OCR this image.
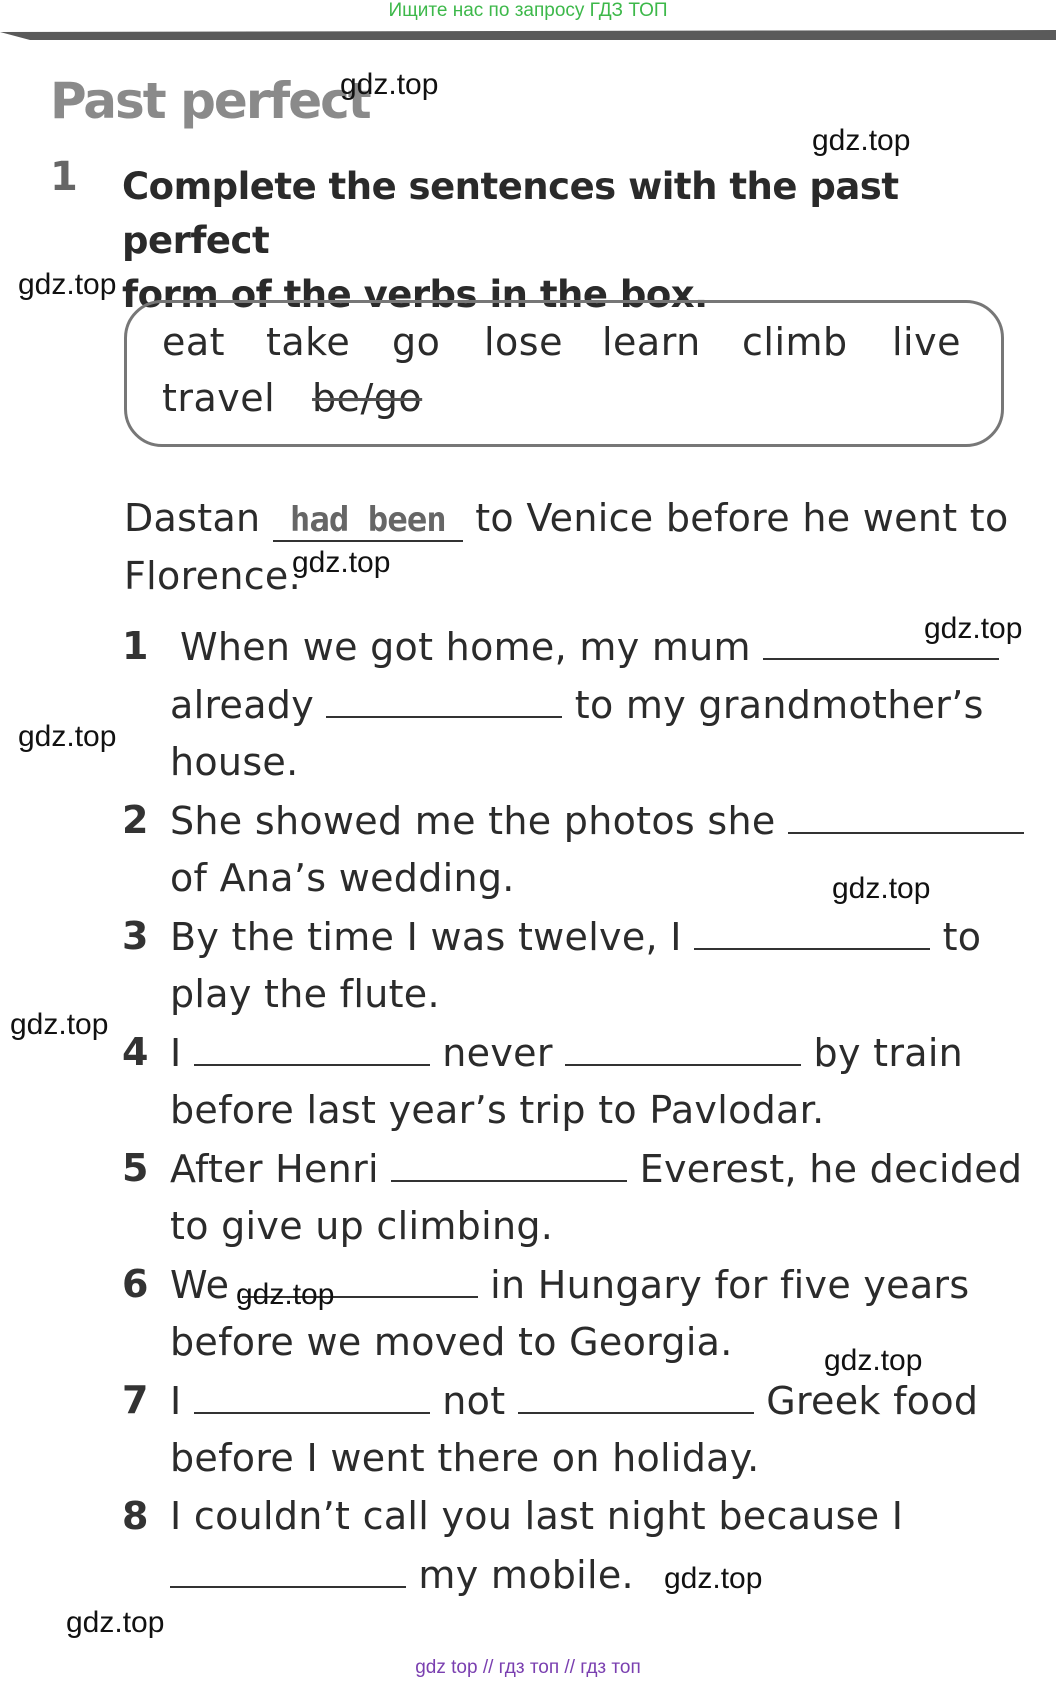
Ищите нас по запросу ГДЗ ТОП
Past perfect
1 Complete the sentences with the past perfect
form of the verbs in the box.
eat take go lose learn climb live
travel be/go
Dastan had been to Venice before he went to
Florence.
1 When we got home, my mum
already	to my grandmother’s
house.
2 She showed me the photos she
of Ana’s wedding.
3 By the time I was twelve, I	to
play the flute.
4 I	never	by train
before last year’s trip to Pavlodar.
5 After Henri	Everest, he decided
to give up climbing.
6 We	in Hungary for five years
before we moved to Georgia.
7 I	not	Greek food
before I went there on holiday.
8 I couldn’t call you last night because I
my mobile.
gdz.top
gdz.top
gdz.top
gdz.top
gdz.top
gdz.top
gdz.top
gdz.top
gdz.top
gdz.top
gdz.top
gdz.top
gdz top // гдз топ // гдз топ
